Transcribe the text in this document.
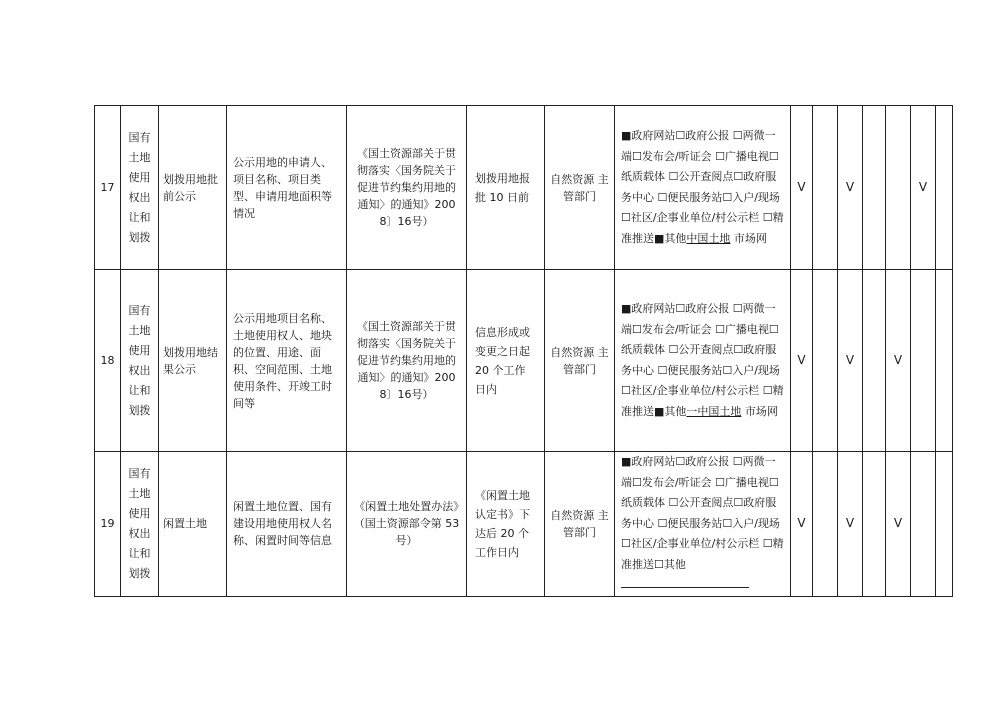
17	国有土地使用权出让和划拨	划拨用地批前公示	公示用地的申请人、项目名称、项目类型、申请用地面积等情况	《国土资源部关于贯彻落实〈国务院关于促进节约集约用地的通知〉的通知》2008〕16号）	划拨用地报批 10 日前	自然资源 主管部门	■政府网站☐政府公报 ☐两微一端☐发布会/听证会 ☐广播电视☐纸质载体 ☐公开查阅点☐政府服务中心 ☐便民服务站☐入户/现场 ☐社区/企事业单位/村公示栏 ☐精准推送■其他中国土地 市场网	V		V			V	
18	国有土地使用权出让和划拨	划拨用地结果公示	公示用地项目名称、土地使用权人、地块的位置、用途、面积、空间范围、土地使用条件、开竣工时间等	《国土资源部关于贯彻落实〈国务院关于促进节约集约用地的通知〉的通知》2008〕16号）	信息形成或变更之日起 20 个工作日内	自然资源 主管部门	■政府网站☐政府公报 ☐两微一端☐发布会/听证会 ☐广播电视☐纸质载体 ☐公开查阅点☐政府服务中心 ☐便民服务站☐入户/现场 ☐社区/企事业单位/村公示栏 ☐精准推送■其他一中国土地 市场网	V		V		V		
19	国有土地使用权出让和划拨	闲置土地	闲置土地位置、国有建设用地使用权人名称、闲置时间等信息	《闲置土地处置办法》（国土资源部令第 53 号）	《闲置土地认定书》下达后 20 个工作日内	自然资源 主管部门	■政府网站☐政府公报 ☐两微一端☐发布会/听证会 ☐广播电视☐纸质载体 ☐公开查阅点☐政府服务中心 ☐便民服务站☐入户/现场 ☐社区/企事业单位/村公示栏 ☐精准推送☐其他	V		V		V		
